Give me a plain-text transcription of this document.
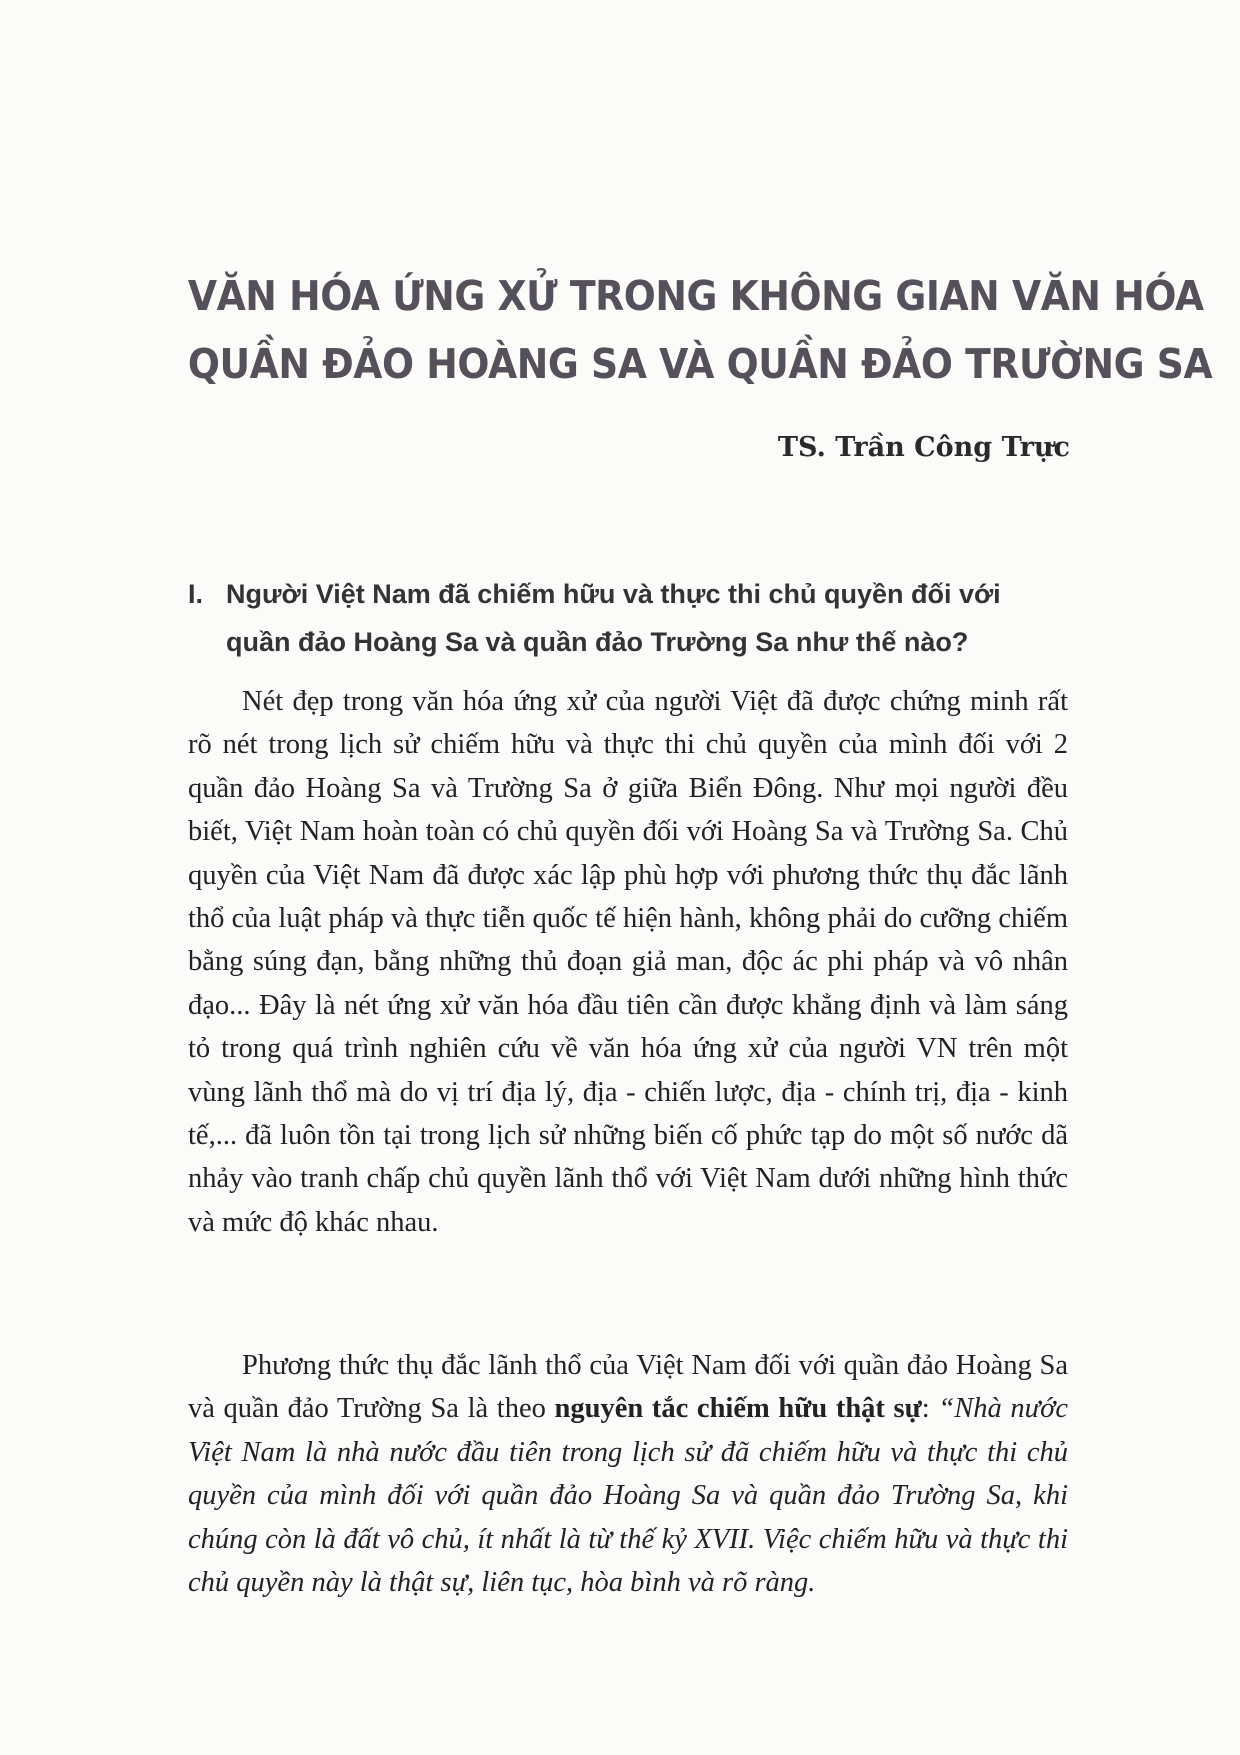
VĂN HÓA ỨNG XỬ TRONG KHÔNG GIAN VĂN HÓA
QUẦN ĐẢO HOÀNG SA VÀ QUẦN ĐẢO TRƯỜNG SA
TS. Trần Công Trực
I. Người Việt Nam đã chiếm hữu và thực thi chủ quyền đối với quần đảo Hoàng Sa và quần đảo Trường Sa như thế nào?

Nét đẹp trong văn hóa ứng xử của người Việt đã được chứng minh rất rõ nét trong lịch sử chiếm hữu và thực thi chủ quyền của mình đối với 2 quần đảo Hoàng Sa và Trường Sa ở giữa Biển Đông. Như mọi người đều biết, Việt Nam hoàn toàn có chủ quyền đối với Hoàng Sa và Trường Sa. Chủ quyền của Việt Nam đã được xác lập phù hợp với phương thức thụ đắc lãnh thổ của luật pháp và thực tiễn quốc tế hiện hành, không phải do cưỡng chiếm bằng súng đạn, bằng những thủ đoạn giả man, độc ác phi pháp và vô nhân đạo... Đây là nét ứng xử văn hóa đầu tiên cần được khẳng định và làm sáng tỏ trong quá trình nghiên cứu về văn hóa ứng xử của người VN trên một vùng lãnh thổ mà do vị trí địa lý, địa - chiến lược, địa - chính trị, địa - kinh tế,... đã luôn tồn tại trong lịch sử những biến cố phức tạp do một số nước dã nhảy vào tranh chấp chủ quyền lãnh thổ với Việt Nam dưới những hình thức và mức độ khác nhau.

Phương thức thụ đắc lãnh thổ của Việt Nam đối với quần đảo Hoàng Sa và quần đảo Trường Sa là theo nguyên tắc chiếm hữu thật sự: “Nhà nước Việt Nam là nhà nước đầu tiên trong lịch sử đã chiếm hữu và thực thi chủ quyền của mình đối với quần đảo Hoàng Sa và quần đảo Trường Sa, khi chúng còn là đất vô chủ, ít nhất là từ thế kỷ XVII. Việc chiếm hữu và thực thi chủ quyền này là thật sự, liên tục, hòa bình và rõ ràng.
